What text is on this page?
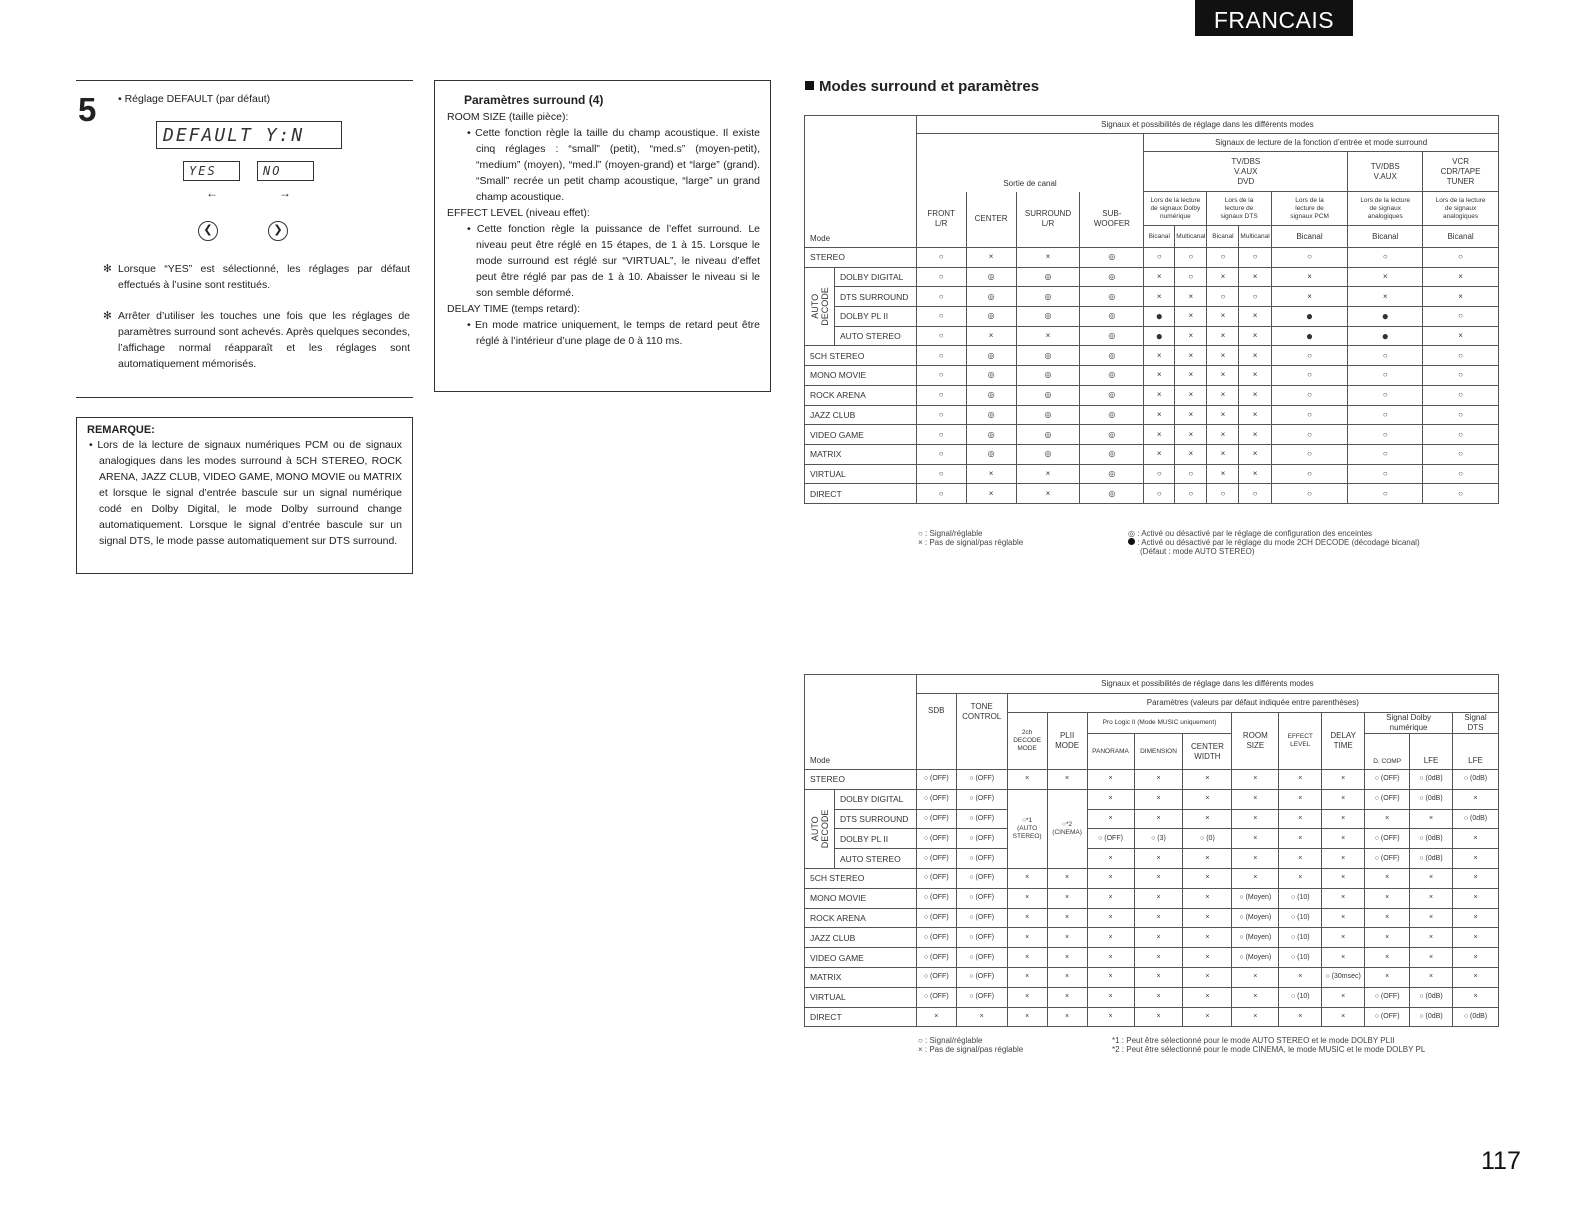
FRANCAIS
5 • Réglage DEFAULT (par défaut)
DEFAULT Y:N
YES	NO
←	→
❮	❯
✻ Lorsque “YES” est sélectionné, les réglages par défaut effectués à l’usine sont restitués.
✻ Arrêter d’utiliser les touches une fois que les réglages de paramètres surround sont achevés. Après quelques secondes, l’affichage normal réapparaît et les réglages sont automatiquement mémorisés.
REMARQUE:

• Lors de la lecture de signaux numériques PCM ou de signaux analogiques dans les modes surround à 5CH STEREO, ROCK ARENA, JAZZ CLUB, VIDEO GAME, MONO MOVIE ou MATRIX et lorsque le signal d’entrée bascule sur un signal numérique codé en Dolby Digital, le mode Dolby surround change automatiquement. Lorsque le signal d’entrée bascule sur un signal DTS, le mode passe automatiquement sur DTS surround.

Paramètres surround (4)
ROOM SIZE (taille pièce):
• Cette fonction règle la taille du champ acoustique. Il existe cinq réglages : “small” (petit), “med.s” (moyen-petit), “medium” (moyen), “med.l” (moyen-grand) et “large” (grand). “Small” recrée un petit champ acoustique, “large” un grand champ acoustique.
EFFECT LEVEL (niveau effet):
• Cette fonction règle la puissance de l’effet surround. Le niveau peut être réglé en 15 étapes, de 1 à 15. Lorsque le mode surround est réglé sur “VIRTUAL”, le niveau d’effet peut être réglé par pas de 1 à 10. Abaisser le niveau si le son semble déformé.
DELAY TIME (temps retard):
• En mode matrice uniquement, le temps de retard peut être réglé à l’intérieur d’une plage de 0 à 110 ms.
Modes surround et paramètres
Mode		Signaux et possibilités de réglage dans les différents modes										
		Sortie de canal				Signaux de lecture de la fonction d’entrée et mode surround						
						TV/DBS
V.AUX
DVD					TV/DBS
V.AUX	VCR
CDR/TAPE
TUNER
		FRONT
L/R	CENTER	SURROUND
L/R	SUB-
WOOFER	Lors de la lecture
de signaux Dolby
numérique		Lors de la
lecture de
signaux DTS		Lors de la
lecture de
signaux PCM	Lors de la lecture
de signaux
analogiques	Lors de la lecture
de signaux
analogiques
						Bicanal	Multicanal	Bicanal	Multicanal	Bicanal	Bicanal	Bicanal
STEREO		○	×	×	◎	○	○	○	○	○	○	○
AUTO
DECODE	DOLBY DIGITAL	○	◎	◎	◎	×	○	×	×	×	×	×
	DTS SURROUND	○	◎	◎	◎	×	×	○	○	×	×	×
	DOLBY PL II	○	◎	◎	◎	●	×	×	×	●	●	○
	AUTO STEREO	○	×	×	◎	●	×	×	×	●	●	×
5CH STEREO		○	◎	◎	◎	×	×	×	×	○	○	○
MONO MOVIE		○	◎	◎	◎	×	×	×	×	○	○	○
ROCK ARENA		○	◎	◎	◎	×	×	×	×	○	○	○
JAZZ CLUB		○	◎	◎	◎	×	×	×	×	○	○	○
VIDEO GAME		○	◎	◎	◎	×	×	×	×	○	○	○
MATRIX		○	◎	◎	◎	×	×	×	×	○	○	○
VIRTUAL		○	×	×	◎	○	○	×	×	○	○	○
DIRECT		○	×	×	◎	○	○	○	○	○	○	○
○ : Signal/réglable
× : Pas de signal/pas réglable
◎ : Activé ou désactivé par le réglage de configuration des enceintes
: Activé ou désactivé par le réglage du mode 2CH DECODE (décodage bicanal)
(Défaut : mode AUTO STEREO)
Mode		Signaux et possibilités de réglage dans les différents modes												
		SDB	TONE
CONTROL	Paramètres (valeurs par défaut indiquée entre parenthèses)										
				2ch
DECODE
MODE	PLII
MODE	Pro Logic II (Mode MUSIC uniquement)			ROOM
SIZE	EFFECT
LEVEL	DELAY
TIME	Signal Dolby
numérique		Signal
DTS
						PANORAMA	DIMENSION	CENTER
WIDTH				D. COMP	LFE	LFE
STEREO		○ (OFF)	○ (OFF)	×	×	×	×	×	×	×	×	○ (OFF)	○ (0dB)	○ (0dB)
AUTO
DECODE	DOLBY DIGITAL	○ (OFF)	○ (OFF)	○*1
(AUTO
STEREO)	○*2
(CINEMA)	×	×	×	×	×	×	○ (OFF)	○ (0dB)	×
	DTS SURROUND	○ (OFF)	○ (OFF)			×	×	×	×	×	×	×	×	○ (0dB)
	DOLBY PL II	○ (OFF)	○ (OFF)			○ (OFF)	○ (3)	○ (0)	×	×	×	○ (OFF)	○ (0dB)	×
	AUTO STEREO	○ (OFF)	○ (OFF)			×	×	×	×	×	×	○ (OFF)	○ (0dB)	×
5CH STEREO		○ (OFF)	○ (OFF)	×	×	×	×	×	×	×	×	×	×	×
MONO MOVIE		○ (OFF)	○ (OFF)	×	×	×	×	×	○ (Moyen)	○ (10)	×	×	×	×
ROCK ARENA		○ (OFF)	○ (OFF)	×	×	×	×	×	○ (Moyen)	○ (10)	×	×	×	×
JAZZ CLUB		○ (OFF)	○ (OFF)	×	×	×	×	×	○ (Moyen)	○ (10)	×	×	×	×
VIDEO GAME		○ (OFF)	○ (OFF)	×	×	×	×	×	○ (Moyen)	○ (10)	×	×	×	×
MATRIX		○ (OFF)	○ (OFF)	×	×	×	×	×	×	×	○ (30msec)	×	×	×
VIRTUAL		○ (OFF)	○ (OFF)	×	×	×	×	×	×	○ (10)	×	○ (OFF)	○ (0dB)	×
DIRECT		×	×	×	×	×	×	×	×	×	×	○ (OFF)	○ (0dB)	○ (0dB)
○ : Signal/réglable
× : Pas de signal/pas réglable
*1 : Peut être sélectionné pour le mode AUTO STEREO et le mode DOLBY PLII
*2 : Peut être sélectionné pour le mode CINEMA, le mode MUSIC et le mode DOLBY PL
117
